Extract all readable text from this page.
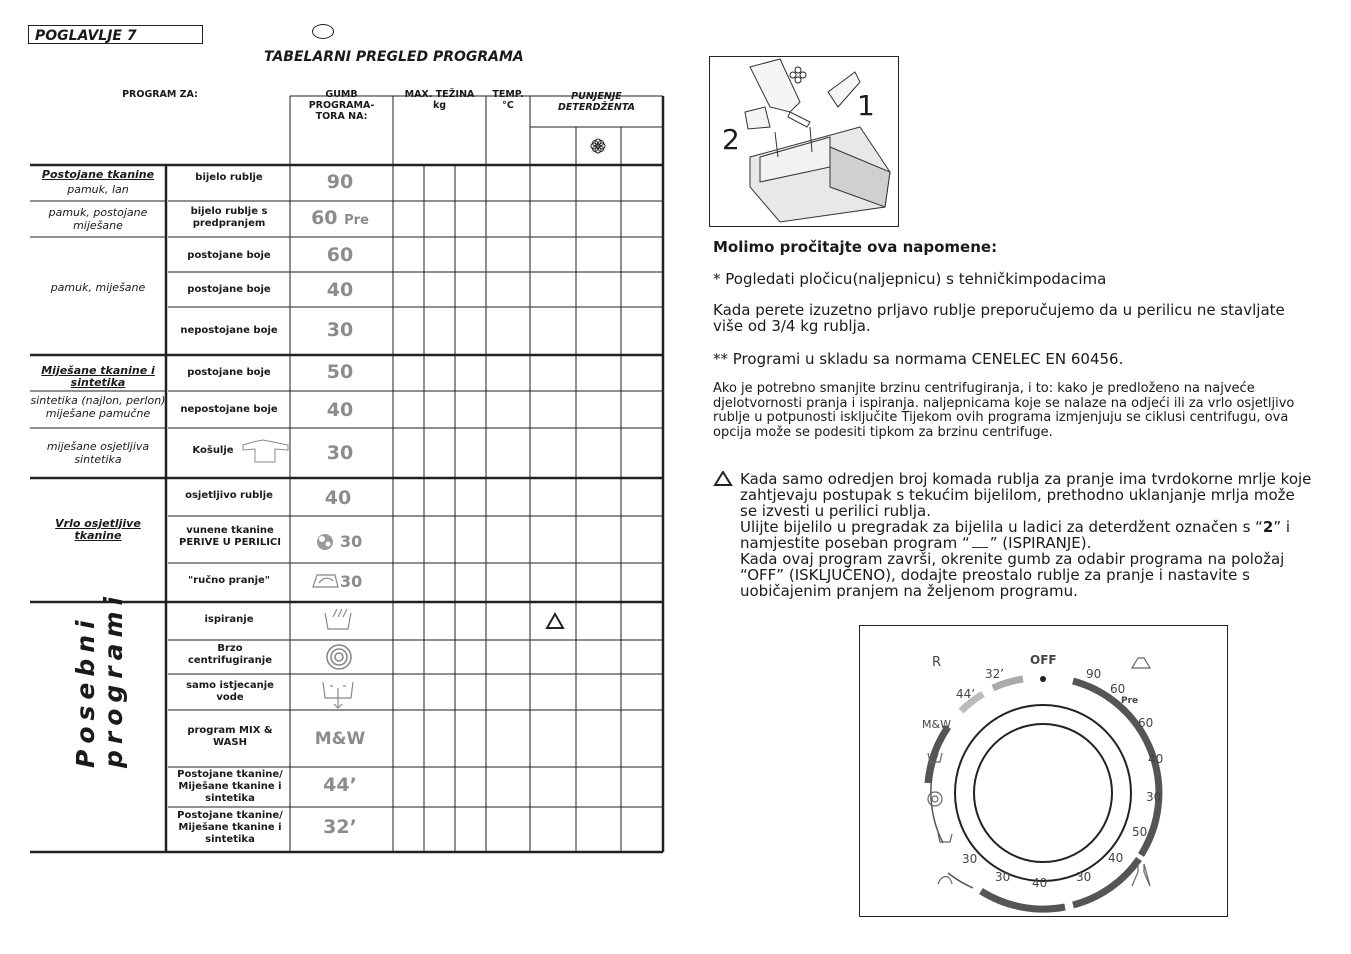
POGLAVLJE 7
TABELARNI PREGLED PROGRAMA
PROGRAM ZA:	GUMB
PROGRAMA-
TORA NA:
MAX. TEŽINA
kg
TEMP.
°C
PUNJENJE
DETERDŽENTA
Postojane tkanine
pamuk, lan
pamuk, postojane
miješane
pamuk, miješane
Miješane tkanine i
sintetika
sintetika (najlon, perlon)
miješane pamučne
miješane osjetljiva
sintetika
Vrlo osjetljive tkanine
Posebni programi
bijelo rublje
bijelo rublje s predpranjem
postojane boje
postojane boje
nepostojane boje
postojane boje
nepostojane boje
Košulje
osjetljivo rublje
vunene tkanine PERIVE U PERILICI
"ručno pranje"
ispiranje
Brzo centrifugiranje
samo istjecanje vode
program MIX & WASH
Postojane tkanine/ Miješane tkanine i sintetika
Postojane tkanine/ Miješane tkanine i sintetika
90
60 Pre
60
40
30
50
40
30
40
30
30
M&W
44’
32’
1
2
Molimo pročitajte ova napomene:
* Pogledati pločicu(naljepnicu) s tehničkimpodacima
Kada perete izuzetno prljavo rublje preporučujemo da u perilicu ne stavljate više od 3/4 kg rublja.
** Programi u skladu sa normama CENELEC EN 60456.
Ako je potrebno smanjite brzinu centrifugiranja, i to: kako je predloženo na najveće djelotvornosti pranja i ispiranja. naljepnicama koje se nalaze na odjeći ili za vrlo osjetljivo rublje u potpunosti isključite Tijekom ovih programa izmjenjuju se ciklusi centrifugu, ova opcija može se podesiti tipkom za brzinu centrifuge.
Kada samo odredjen broj komada rublja za pranje ima tvrdokorne mrlje koje zahtjevaju postupak s tekućim bijelilom, prethodno uklanjanje mrlja može se izvesti u perilici rublja.
Ulijte bijelilo u pregradak za bijelila u ladici za deterdžent označen s “2” i namjestite poseban program “ ” (ISPIRANJE).
Kada ovaj program završi, okrenite gumb za odabir programa na položaj “OFF” (ISKLJUČENO), dodajte preostalo rublje za pranje i nastavite s uobičajenim pranjem na željenom programu.
OFF
R
32’
44’
M&W
90
60
Pre
60
40
30
50
40
30
40
30
30
